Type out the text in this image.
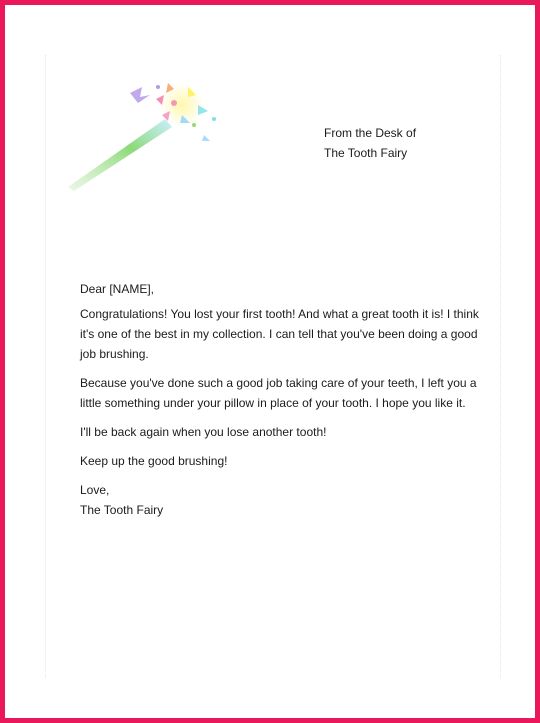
From the Desk of
The Tooth Fairy

Dear [NAME],

Congratulations! You lost your first tooth! And what a great tooth it is! I think it's one of the best in my collection. I can tell that you've been doing a good job brushing.

Because you've done such a good job taking care of your teeth, I left you a little something under your pillow in place of your tooth. I hope you like it.

I'll be back again when you lose another tooth!

Keep up the good brushing!

Love,

The Tooth Fairy
